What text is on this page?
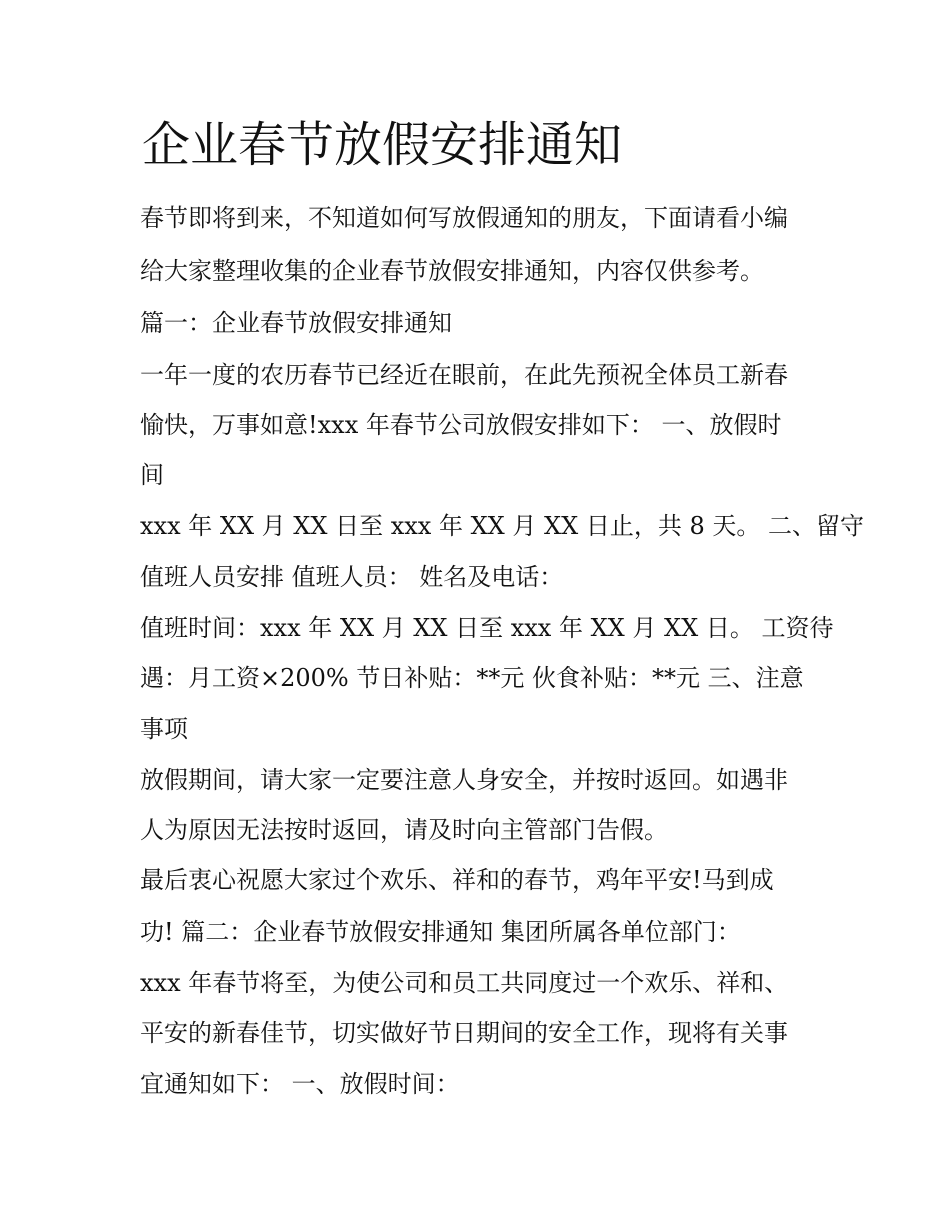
企业春节放假安排通知

春节即将到来，不知道如何写放假通知的朋友，下面请看小编

给大家整理收集的企业春节放假安排通知，内容仅供参考。

篇一：企业春节放假安排通知

一年一度的农历春节已经近在眼前，在此先预祝全体员工新春

愉快，万事如意!xxx 年春节公司放假安排如下： 一、放假时

间

xxx 年 XX 月 XX 日至 xxx 年 XX 月 XX 日止，共 8 天。 二、留守

值班人员安排 值班人员： 姓名及电话：

值班时间：xxx 年 XX 月 XX 日至 xxx 年 XX 月 XX 日。 工资待

遇：月工资×200% 节日补贴：**元 伙食补贴：**元 三、注意

事项

放假期间，请大家一定要注意人身安全，并按时返回。如遇非

人为原因无法按时返回，请及时向主管部门告假。

最后衷心祝愿大家过个欢乐、祥和的春节，鸡年平安!马到成

功! 篇二：企业春节放假安排通知 集团所属各单位部门：

xxx 年春节将至，为使公司和员工共同度过一个欢乐、祥和、

平安的新春佳节，切实做好节日期间的安全工作，现将有关事

宜通知如下： 一、放假时间：
